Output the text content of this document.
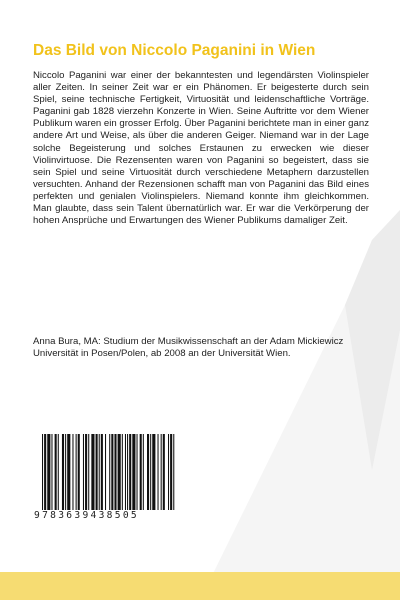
Das Bild von Niccolo Paganini in Wien

Niccolo Paganini war einer der bekanntesten und legendärsten Violinspieler aller Zeiten. In seiner Zeit war er ein Phänomen. Er beigesterte durch sein Spiel, seine technische Fertigkeit, Virtuosität und leidenschaftliche Vorträge. Paganini gab 1828 vierzehn Konzerte in Wien. Seine Auftritte vor dem Wiener Publikum waren ein grosser Erfolg. Über Paganini berichtete man in einer ganz andere Art und Weise, als über die anderen Geiger. Niemand war in der Lage solche Begeisterung und solches Erstaunen zu erwecken wie dieser Violinvirtuose. Die Rezensenten waren von Paganini so begeistert, dass sie sein Spiel und seine Virtuosität durch verschiedene Metaphern darzustellen versuchten. Anhand der Rezensionen schafft man von Paganini das Bild eines perfekten und genialen Violinspielers. Niemand konnte ihm gleichkommen. Man glaubte, dass sein Talent übernatürlich war. Er war die Verkörperung der hohen Ansprüche und Erwartungen des Wiener Publikums damaliger Zeit.

Anna Bura, MA: Studium der Musikwissenschaft an der Adam Mickiewicz Universität in Posen/Polen, ab 2008 an der Universität Wien.

9783639438505
